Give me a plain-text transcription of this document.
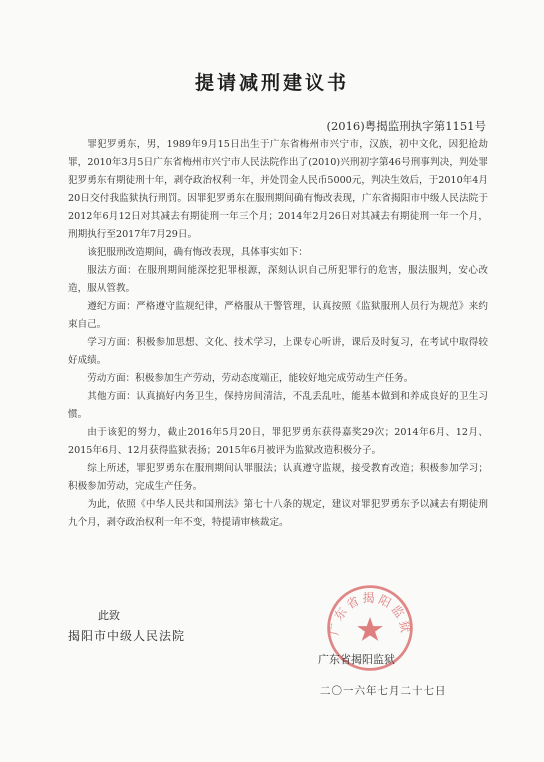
提请减刑建议书
(2016)粤揭监刑执字第1151号

罪犯罗勇东，男，1989年9月15日出生于广东省梅州市兴宁市，汉族，初中文化，因犯抢劫罪，2010年3月5日广东省梅州市兴宁市人民法院作出了(2010)兴刑初字第46号刑事判决，判处罪犯罗勇东有期徒刑十年，剥夺政治权利一年，并处罚金人民币5000元，判决生效后，于2010年4月20日交付我监狱执行刑罚。因罪犯罗勇东在服刑期间确有悔改表现，广东省揭阳市中级人民法院于2012年6月12日对其减去有期徒刑一年三个月；2014年2月26日对其减去有期徒刑一年一个月，刑期执行至2017年7月29日。

该犯服刑改造期间，确有悔改表现，具体事实如下：

服法方面：在服刑期间能深挖犯罪根源，深刻认识自己所犯罪行的危害，服法服判，安心改造，服从管教。

遵纪方面：严格遵守监规纪律，严格服从干警管理，认真按照《监狱服刑人员行为规范》来约束自己。

学习方面：积极参加思想、文化、技术学习，上课专心听讲，课后及时复习，在考试中取得较好成绩。

劳动方面：积极参加生产劳动，劳动态度端正，能较好地完成劳动生产任务。

其他方面：认真搞好内务卫生，保持房间清洁，不乱丢乱吐，能基本做到和养成良好的卫生习惯。

由于该犯的努力，截止2016年5月20日，罪犯罗勇东获得嘉奖29次；2014年6月、12月、2015年6月、12月获得监狱表扬；2015年6月被评为监狱改造积极分子。

综上所述，罪犯罗勇东在服刑期间认罪服法；认真遵守监规，接受教育改造；积极参加学习；积极参加劳动，完成生产任务。

为此，依照《中华人民共和国刑法》第七十八条的规定，建议对罪犯罗勇东予以减去有期徒刑九个月，剥夺政治权利一年不变，特提请审核裁定。

此致
揭阳市中级人民法院	广东省揭阳监狱
广东省揭阳监狱
二〇一六年七月二十七日
